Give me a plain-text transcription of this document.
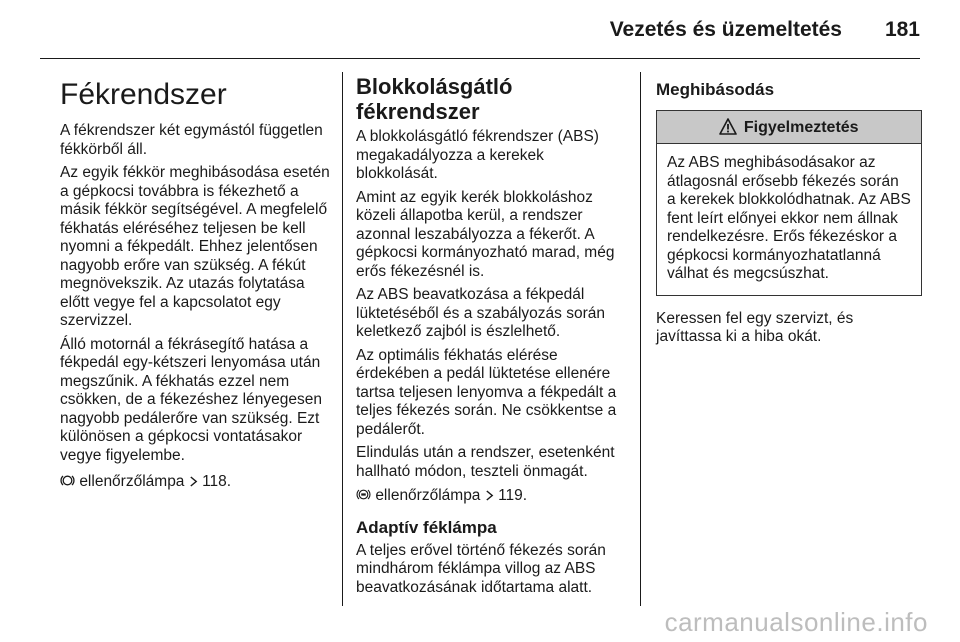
Vezetés és üzemeltetés 181
Fékrendszer

A fékrendszer két egymástól független fékkörből áll.

Az egyik fékkör meghibásodása esetén a gépkocsi továbbra is fékezhető a másik fékkör segítségével. A megfelelő fékhatás eléréséhez teljesen be kell nyomni a fékpedált. Ehhez jelentősen nagyobb erőre van szükség. A fékút megnövekszik. Az utazás folytatása előtt vegye fel a kapcsolatot egy szervizzel.

Álló motornál a fékrásegítő hatása a fékpedál egy-kétszeri lenyomása után megszűnik. A fékhatás ezzel nem csökken, de a fékezéshez lényegesen nagyobb pedálerőre van szükség. Ezt különösen a gépkocsi vontatásakor vegye figyelembe.

ellenőrzőlámpa 118.

Blokkolásgátló
fékrendszer

A blokkolásgátló fékrendszer (ABS) megakadályozza a kerekek blokkolását.

Amint az egyik kerék blokkoláshoz közeli állapotba kerül, a rendszer azonnal leszabályozza a fékerőt. A gépkocsi kormányozható marad, még erős fékezésnél is.

Az ABS beavatkozása a fékpedál lüktetéséből és a szabályozás során keletkező zajból is észlelhető.

Az optimális fékhatás elérése érdekében a pedál lüktetése ellenére tartsa teljesen lenyomva a fékpedált a teljes fékezés során. Ne csökkentse a pedálerőt.

Elindulás után a rendszer, esetenként hallható módon, teszteli önmagát.

ellenőrzőlámpa 119.

Adaptív féklámpa

A teljes erővel történő fékezés során mindhárom féklámpa villog az ABS beavatkozásának időtartama alatt.

Meghibásodás
Figyelmeztetés

Az ABS meghibásodásakor az átlagosnál erősebb fékezés során a kerekek blokkolódhatnak. Az ABS fent leírt előnyei ekkor nem állnak rendelkezésre. Erős fékezéskor a gépkocsi kormányozhatatlanná válhat és megcsúszhat.

Keressen fel egy szervizt, és javíttassa ki a hiba okát.

carmanualsonline.info
